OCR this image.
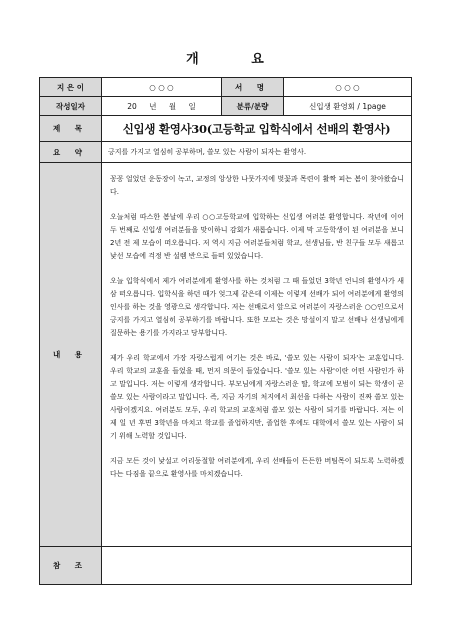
개 요
지 은 이	○ ○ ○	서 명	○ ○ ○
작성일자	20 년 월 일	분류/분량	신입생 환영회 / 1page
제 목	신입생 환영사30(고등학교 입학식에서 선배의 환영사)		
요 약	긍지를 가지고 열심히 공부하며, 쓸모 있는 사람이 되자는 환영사.		
내 용	꽁꽁 얼었던 운동장이 녹고, 교정의 앙상한 나뭇가지에 벚꽃과 목련이 활짝 피는 봄이 찾아왔습니다.

오늘처럼 따스한 봄날에 우리 ○○고등학교에 입학하는 신입생 여러분 환영합니다. 작년에 이어 두 번째로 신입생 여러분들을 맞이하니 감회가 새롭습니다. 이제 막 고등학생이 된 여러분을 보니 2년 전 제 모습이 떠오릅니다. 저 역시 지금 여러분들처럼 학교, 선생님들, 반 친구들 모두 새롭고 낯선 모습에 걱정 반 설렘 반으로 들떠 있었습니다.

오늘 입학식에서 제가 여러분에게 환영사를 하는 것처럼 그 때 들었던 3학년 언니의 환영사가 새삼 떠오릅니다. 입학식을 하던 때가 엊그제 같은데 이제는 이렇게 선배가 되어 여러분에게 환영의 인사를 하는 것을 영광으로 생각합니다. 저는 선배로서 앞으로 여러분이 자랑스러운 ○○인으로서 긍지를 가지고 열심히 공부하기를 바랍니다. 또한 모르는 것은 망설이지 말고 선배나 선생님에게 질문하는 용기를 가지라고 당부합니다.

제가 우리 학교에서 가장 자랑스럽게 여기는 것은 바로, '쓸모 있는 사람이 되자'는 교훈입니다. 우리 학교의 교훈을 들었을 때, 먼저 의문이 들었습니다. '쓸모 있는 사람'이란 어떤 사람인가 하고 말입니다. 저는 이렇게 생각합니다. 부모님에게 자랑스러운 딸, 학교에 모범이 되는 학생이 곧 쓸모 있는 사람이라고 말입니다. 즉, 지금 자기의 처지에서 최선을 다하는 사람이 진짜 쓸모 있는 사람이겠지요. 여러분도 모두, 우리 학교의 교훈처럼 쓸모 있는 사람이 되기를 바랍니다. 저는 이제 일 년 후면 3학년을 마치고 학교를 졸업하지만, 졸업한 후에도 대학에서 쓸모 있는 사람이 되기 위해 노력할 것입니다.

지금 모든 것이 낯설고 어리둥절할 여러분에게, 우리 선배들이 든든한 버팀목이 되도록 노력하겠다는 다짐을 끝으로 환영사를 마치겠습니다.		

참 조			
